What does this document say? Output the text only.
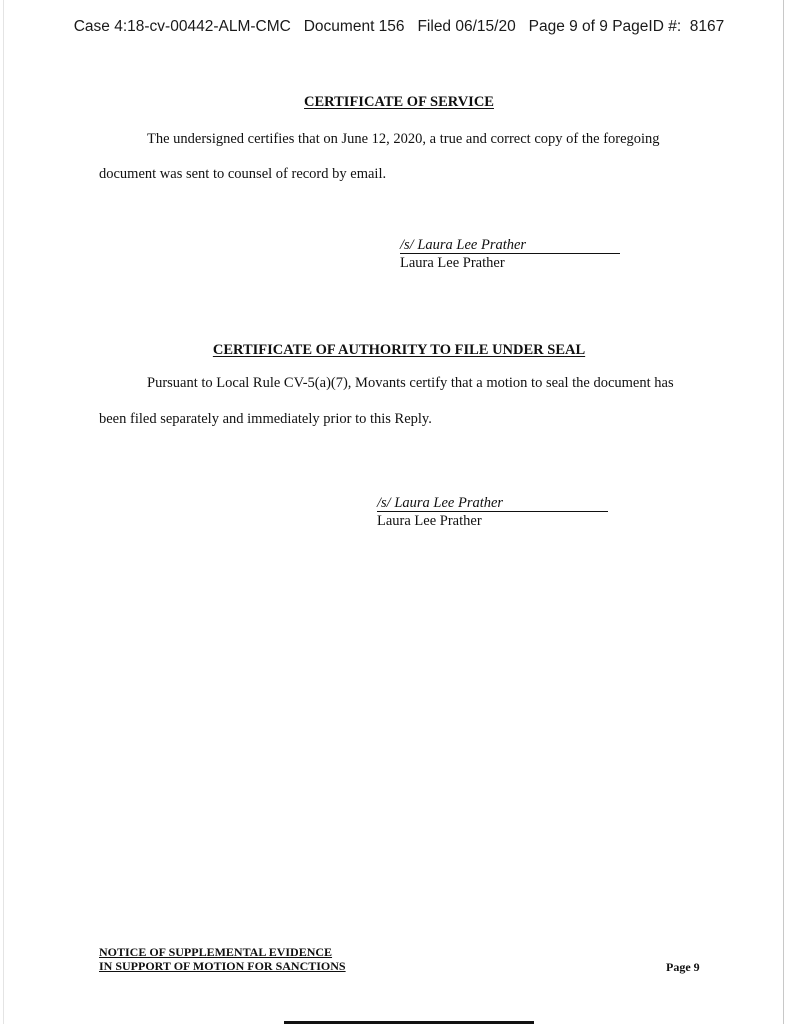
Case 4:18-cv-00442-ALM-CMC   Document 156   Filed 06/15/20   Page 9 of 9 PageID #:  8167
CERTIFICATE OF SERVICE
The undersigned certifies that on June 12, 2020, a true and correct copy of the foregoing
document was sent to counsel of record by email.
/s/ Laura Lee Prather
Laura Lee Prather
CERTIFICATE OF AUTHORITY TO FILE UNDER SEAL
Pursuant to Local Rule CV-5(a)(7), Movants certify that a motion to seal the document has
been filed separately and immediately prior to this Reply.
/s/ Laura Lee Prather
Laura Lee Prather
NOTICE OF SUPPLEMENTAL EVIDENCE
IN SUPPORT OF MOTION FOR SANCTIONS	Page 9
